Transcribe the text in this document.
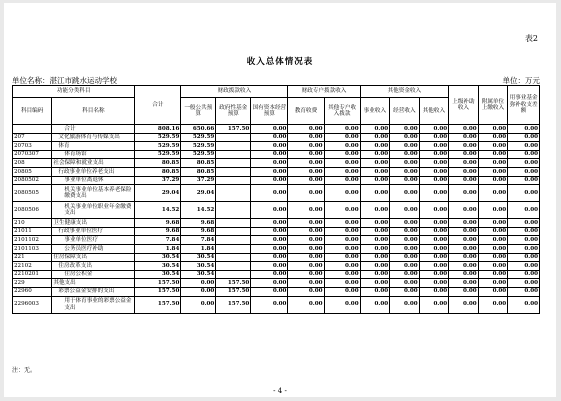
表2
收入总体情况表
单位名称：湛江市跳水运动学校	单位：万元
功能分类科目		合计	财政拨款收入			财政专户拨款收入		其他资金收入			上级补助收入	附属单位上缴收入	用事业基金弥补收支差额
科目编码	科目名称		一般公共预算	政府性基金预算	国有资本经营预算	教育收费	其他专户收入拨款	事业收入	经营收入	其他收入			
	合计	808.16	650.66	157.50	0.00	0.00	0.00	0.00	0.00	0.00	0.00	0.00	0.00
207	文化旅游体育与传媒支出	529.59	529.59		0.00	0.00	0.00	0.00	0.00	0.00	0.00	0.00	0.00
20703	体育	529.59	529.59		0.00	0.00	0.00	0.00	0.00	0.00	0.00	0.00	0.00
2070307	体育场馆	529.59	529.59		0.00	0.00	0.00	0.00	0.00	0.00	0.00	0.00	0.00
208	社会保障和就业支出	80.85	80.85		0.00	0.00	0.00	0.00	0.00	0.00	0.00	0.00	0.00
20805	行政事业单位养老支出	80.85	80.85		0.00	0.00	0.00	0.00	0.00	0.00	0.00	0.00	0.00
2080502	事业单位离退休	37.29	37.29		0.00	0.00	0.00	0.00	0.00	0.00	0.00	0.00	0.00
2080505	机关事业单位基本养老保险缴费支出	29.04	29.04		0.00	0.00	0.00	0.00	0.00	0.00	0.00	0.00	0.00
2080506	机关事业单位职业年金缴费支出	14.52	14.52		0.00	0.00	0.00	0.00	0.00	0.00	0.00	0.00	0.00
210	卫生健康支出	9.68	9.68		0.00	0.00	0.00	0.00	0.00	0.00	0.00	0.00	0.00
21011	行政事业单位医疗	9.68	9.68		0.00	0.00	0.00	0.00	0.00	0.00	0.00	0.00	0.00
2101102	事业单位医疗	7.84	7.84		0.00	0.00	0.00	0.00	0.00	0.00	0.00	0.00	0.00
2101103	公务员医疗补助	1.84	1.84		0.00	0.00	0.00	0.00	0.00	0.00	0.00	0.00	0.00
221	住房保障支出	30.54	30.54		0.00	0.00	0.00	0.00	0.00	0.00	0.00	0.00	0.00
22102	住房改革支出	30.54	30.54		0.00	0.00	0.00	0.00	0.00	0.00	0.00	0.00	0.00
2210201	住房公积金	30.54	30.54		0.00	0.00	0.00	0.00	0.00	0.00	0.00	0.00	0.00
229	其他支出	157.50	0.00	157.50	0.00	0.00	0.00	0.00	0.00	0.00	0.00	0.00	0.00
22960	彩票公益金安排的支出	157.50	0.00	157.50	0.00	0.00	0.00	0.00	0.00	0.00	0.00	0.00	0.00
2296003	用于体育事业的彩票公益金支出	157.50	0.00	157.50	0.00	0.00	0.00	0.00	0.00	0.00	0.00	0.00	0.00
注：无。
- 4 -
